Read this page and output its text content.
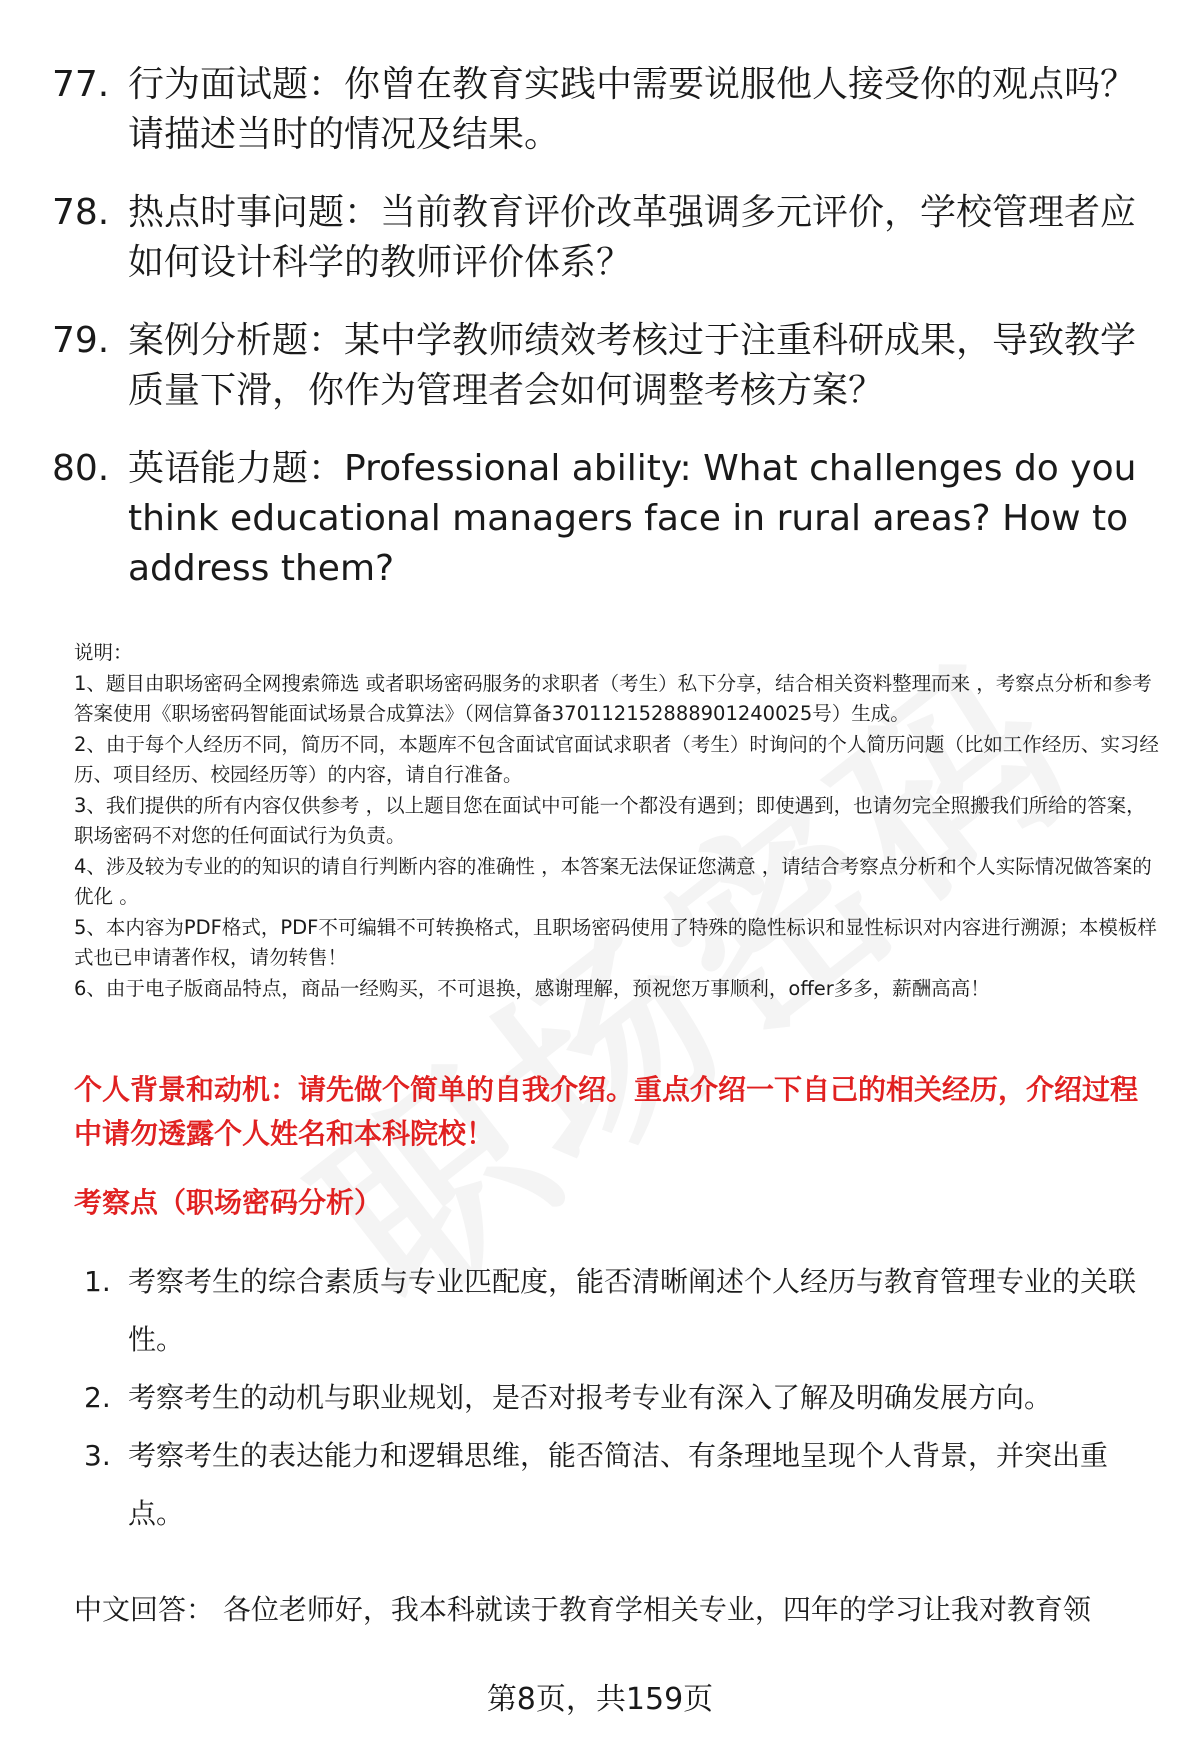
77. 行为面试题：你曾在教育实践中需要说服他人接受你的观点吗？请描述当时的情况及结果。
78. 热点时事问题：当前教育评价改革强调多元评价，学校管理者应如何设计科学的教师评价体系？
79. 案例分析题：某中学教师绩效考核过于注重科研成果，导致教学质量下滑，你作为管理者会如何调整考核方案？
80. 英语能力题：Professional ability: What challenges do you think educational managers face in rural areas? How to address them?

说明：

1、题目由职场密码全网搜索筛选 或者职场密码服务的求职者（考生）私下分享，结合相关资料整理而来 ，考察点分析和参考答案使用《职场密码智能面试场景合成算法》（网信算备370112152888901240025号）生成。

2、由于每个人经历不同，简历不同，本题库不包含面试官面试求职者（考生）时询问的个人简历问题（比如工作经历、实习经历、项目经历、校园经历等）的内容，请自行准备。

3、我们提供的所有内容仅供参考 ，以上题目您在面试中可能一个都没有遇到；即使遇到，也请勿完全照搬我们所给的答案，职场密码不对您的任何面试行为负责。

4、涉及较为专业的的知识的请自行判断内容的准确性 ，本答案无法保证您满意 ，请结合考察点分析和个人实际情况做答案的优化 。

5、本内容为PDF格式，PDF不可编辑不可转换格式，且职场密码使用了特殊的隐性标识和显性标识对内容进行溯源；本模板样式也已申请著作权，请勿转售！

6、由于电子版商品特点，商品一经购买，不可退换，感谢理解，预祝您万事顺利，offer多多，薪酬高高！

个人背景和动机：请先做个简单的自我介绍。重点介绍一下自己的相关经历，介绍过程中请勿透露个人姓名和本科院校！
考察点（职场密码分析）
1. 考察考生的综合素质与专业匹配度，能否清晰阐述个人经历与教育管理专业的关联性。
2. 考察考生的动机与职业规划，是否对报考专业有深入了解及明确发展方向。
3. 考察考生的表达能力和逻辑思维，能否简洁、有条理地呈现个人背景，并突出重点。
中文回答： 各位老师好，我本科就读于教育学相关专业，四年的学习让我对教育领
第8页，共159页
